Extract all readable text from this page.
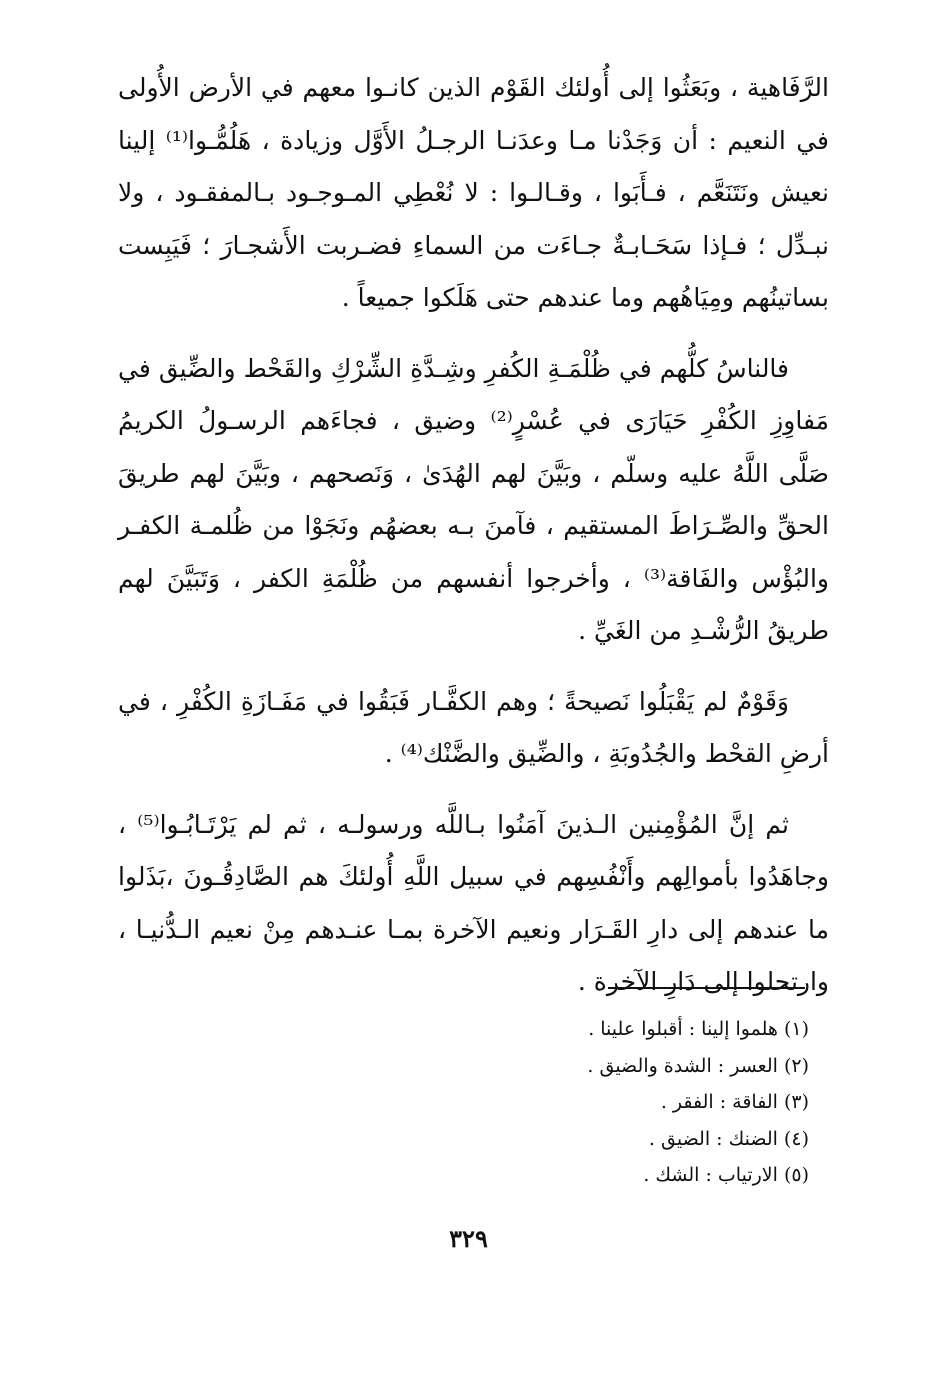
الرَّفَاهية ، وبَعَثُوا إلى أُولئك القَوْم الذين كانـوا معهم في الأرض الأُولى في النعيم : أن وَجَدْنا مـا وعدَنـا الرجـلُ الأَوَّل وزيادة ، هَلُمُّـوا⁽¹⁾ إلينا نعيش ونَتَنَعَّم ، فـأَبَوا ، وقـالـوا : لا نُعْطِي المـوجـود بـالمفقـود ، ولا نبـدِّل ؛ فـإذا سَحَـابـةٌ جـاءَت من السماءِ فضـربت الأَشجـارَ ؛ فَيَبِست بساتينُهم ومِيَاهُهم وما عندهم حتى هَلَكوا جميعاً .

فالناسُ كلُّهم في ظُلْمَـةِ الكُفرِ وشِـدَّةِ الشِّرْكِ والقَحْط والضِّيق في مَفاوِزِ الكُفْرِ حَيَارَى في عُسْرٍ⁽²⁾ وضيق ، فجاءَهم الرسـولُ الكريمُ صَلَّى اللَّهُ عليه وسلّم ، وبَيَّنَ لهم الهُدَىٰ ، وَنَصحهم ، وبَيَّنَ لهم طريقَ الحقِّ والصِّـرَاطَ المستقيم ، فآمنَ بـه بعضهُم ونَجَوْا من ظُلمـة الكفـر والبُؤْس والفَاقة⁽³⁾ ، وأخرجوا أنفسهم من ظُلْمَةِ الكفر ، وَتَبَيَّنَ لهم طريقُ الرُّشْـدِ من الغَيِّ .

وَقَوْمٌ لم يَقْبَلُوا نَصيحةً ؛ وهم الكفَّـار فَبَقُوا في مَفَـازَةِ الكُفْرِ ، في أرضِ القحْط والجُدُوبَةِ ، والضِّيق والضَّنْك⁽⁴⁾ .

ثم إنَّ المُؤْمِنين الـذينَ آمَنُوا بـاللَّه ورسولـه ، ثم لم يَرْتَـابُـوا⁽⁵⁾ ، وجاهَدُوا بأموالِهم وأَنْفُسِهم في سبيل اللَّهِ أُولئكَ هم الصَّادِقُـونَ ،بَذَلوا ما عندهم إلى دارِ القَـرَار ونعيم الآخرة بمـا عنـدهم مِنْ نعيم الـدُّنيـا ، وارتحلوا إلى دَارِ الآخرة .

(١) هلموا إلينا : أقبلوا علينا .
(٢) العسر : الشدة والضيق .
(٣) الفاقة : الفقر .
(٤) الضنك : الضيق .
(٥) الارتياب : الشك .
٣٢٩
